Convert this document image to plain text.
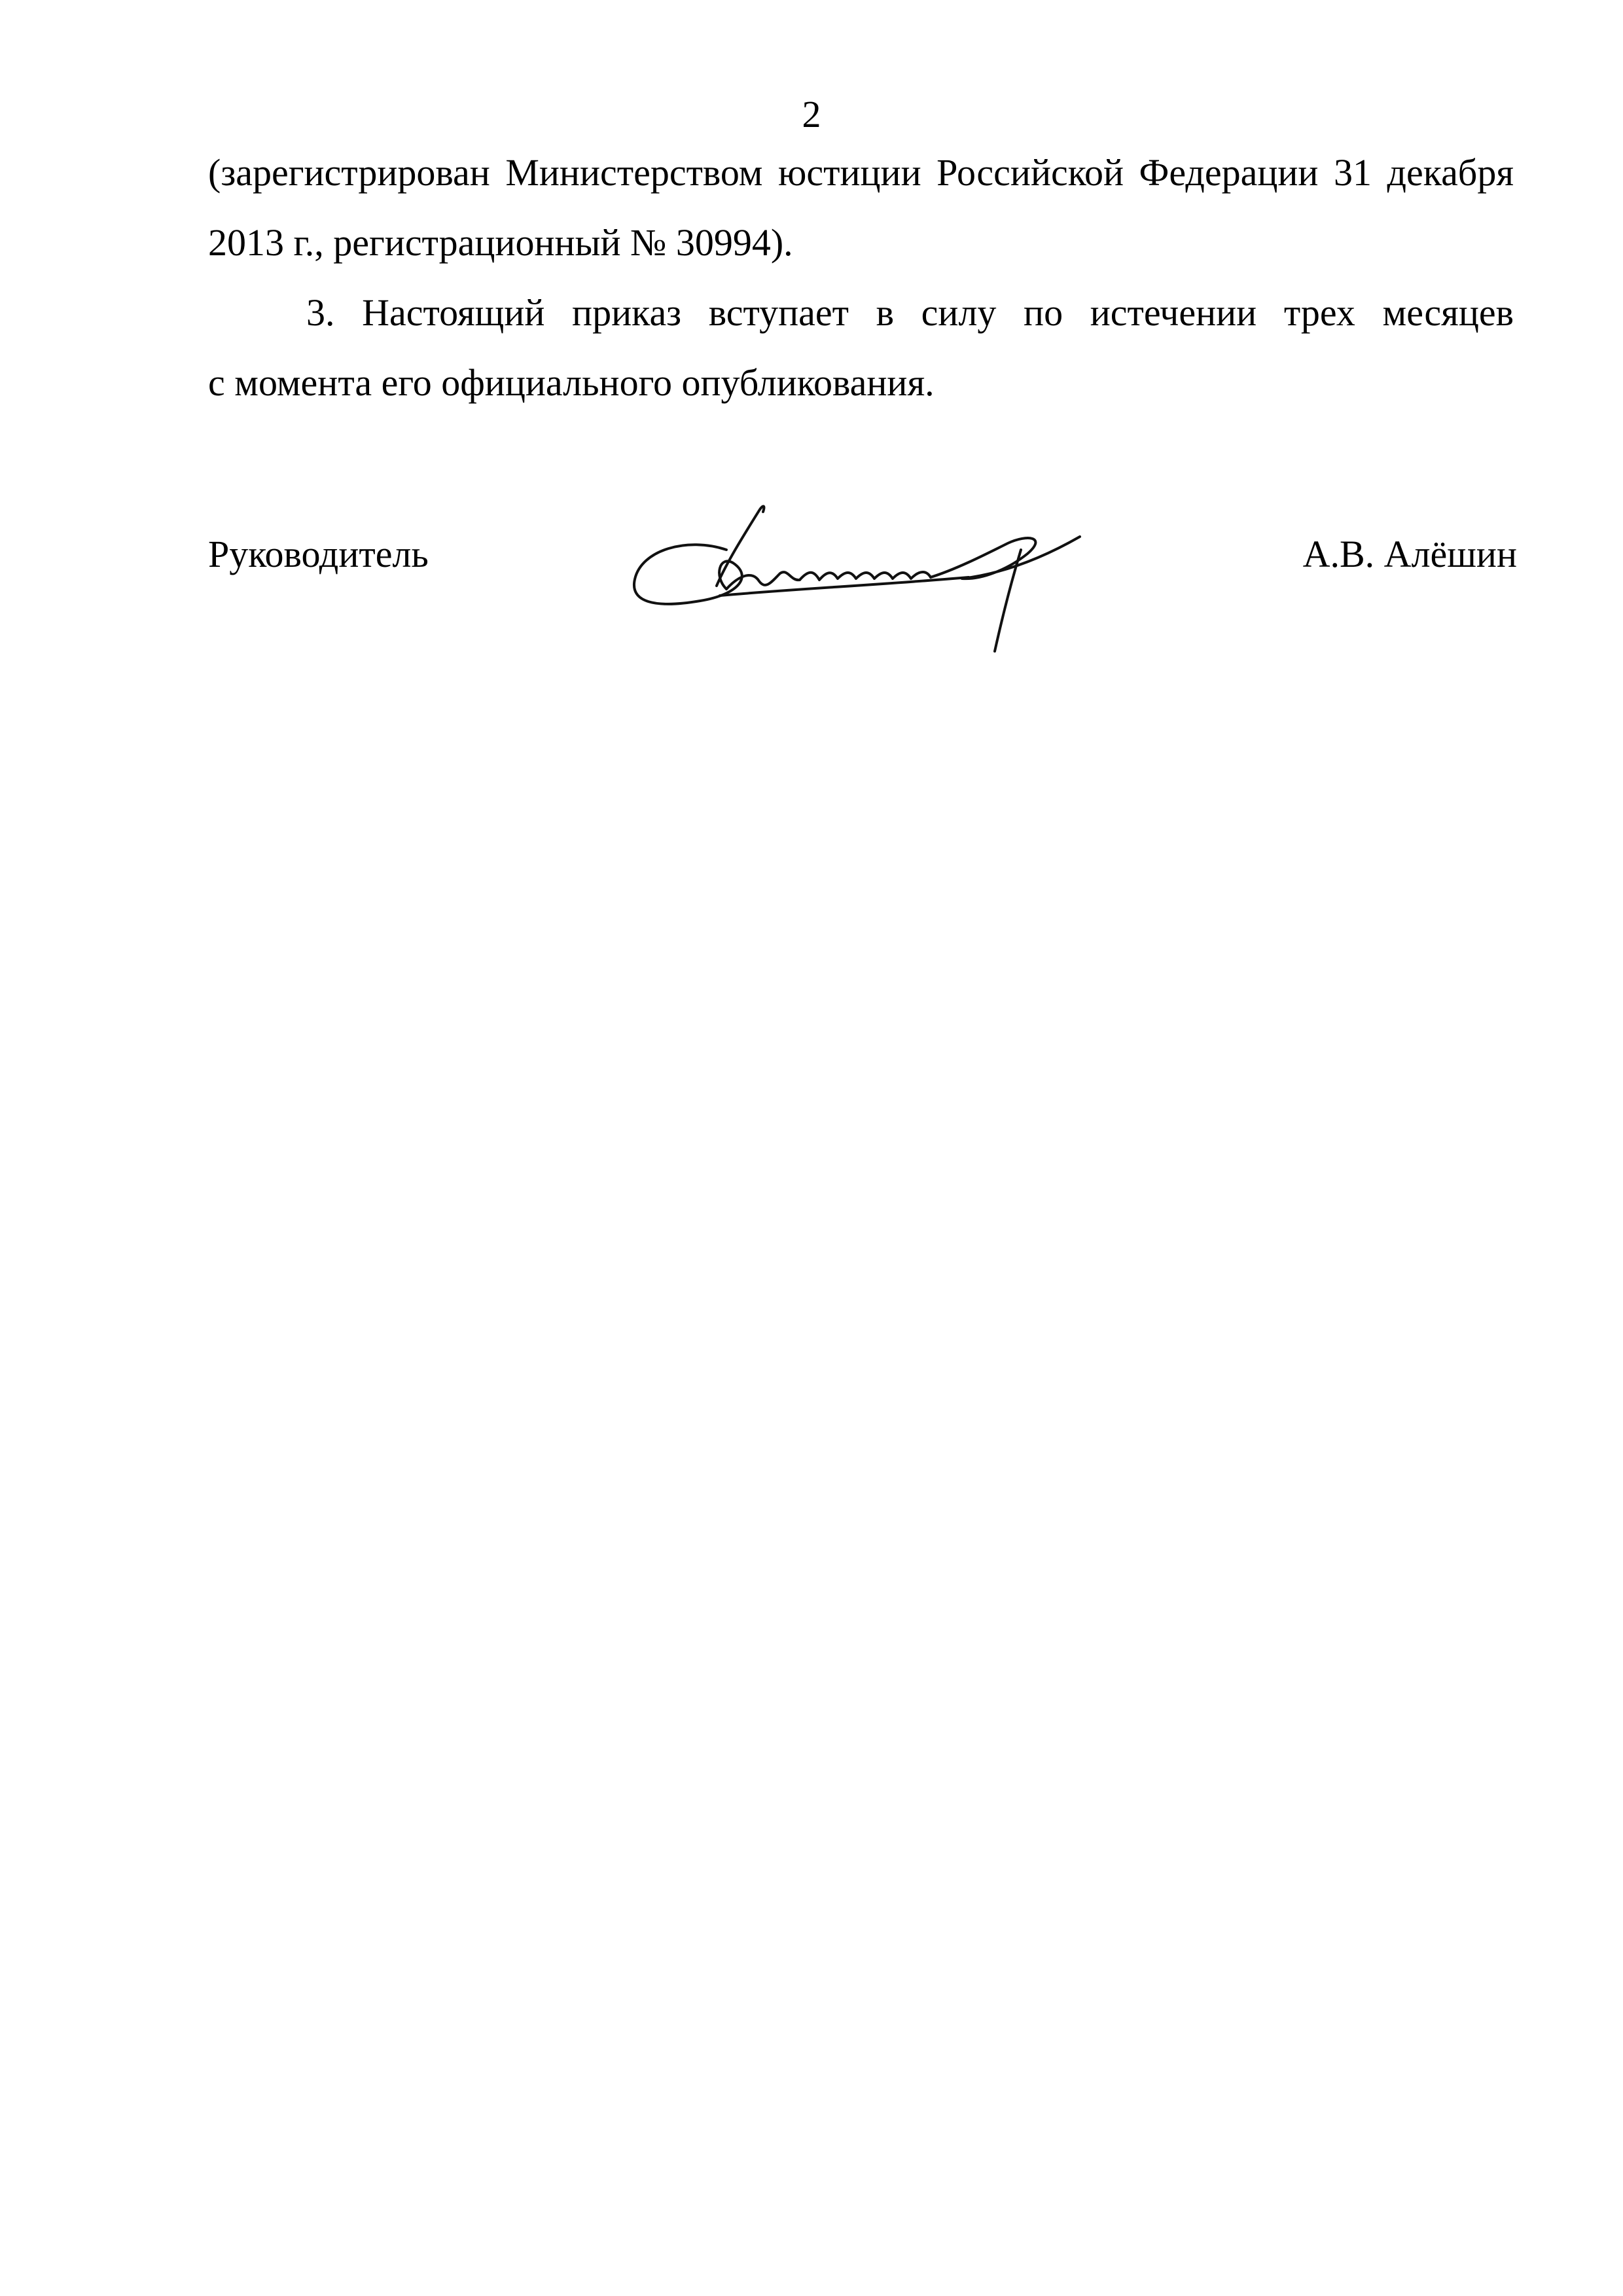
2
(зарегистрирован Министерством юстиции Российской Федерации 31 декабря
2013 г., регистрационный № 30994).
3. Настоящий приказ вступает в силу по истечении трех месяцев
с момента его официального опубликования.
Руководитель	А.В. Алёшин
